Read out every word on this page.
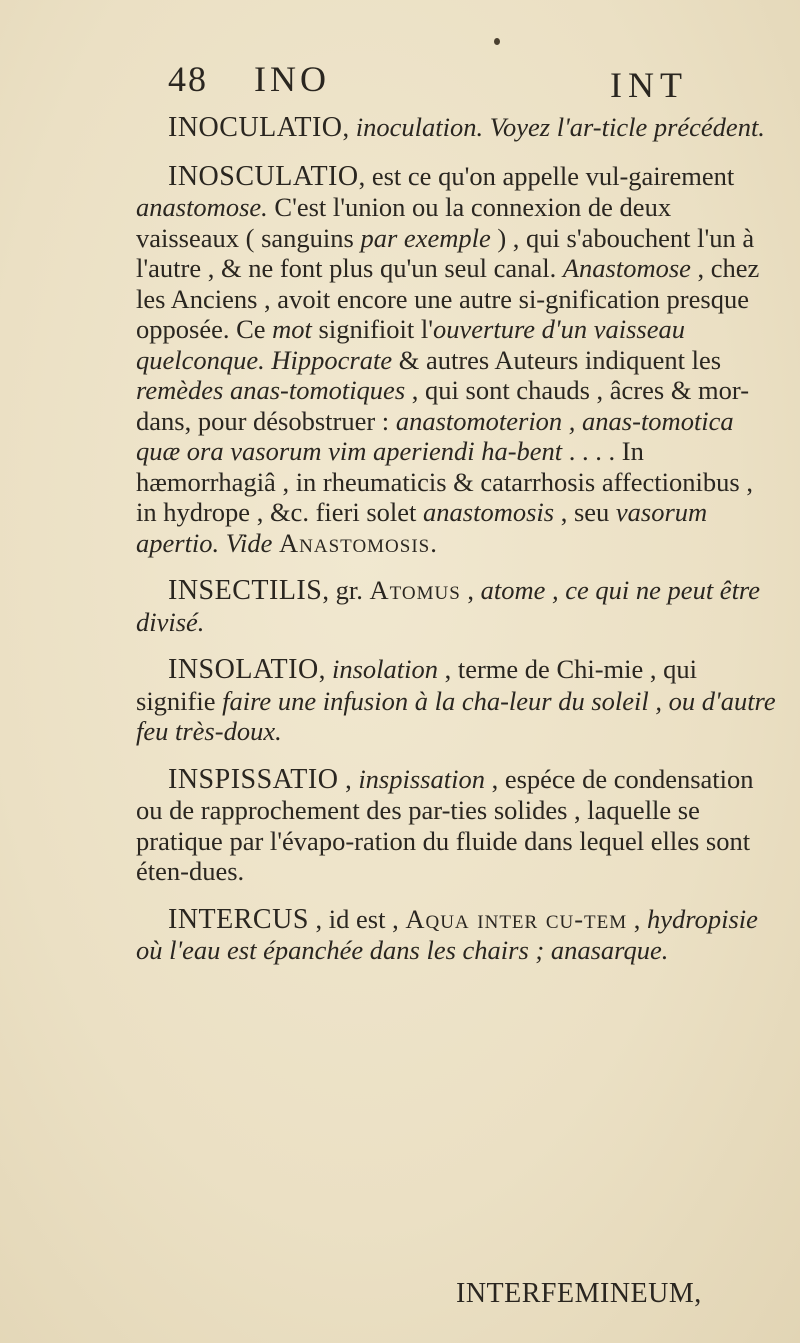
48 INO	INT

INOCULATIO, inoculation. Voyez l'ar-ticle précédent.

INOSCULATIO, est ce qu'on appelle vul-gairement anastomose. C'est l'union ou la connexion de deux vaisseaux ( sanguins par exemple ) , qui s'abouchent l'un à l'autre , & ne font plus qu'un seul canal. Anastomose , chez les Anciens , avoit encore une autre si-gnification presque opposée. Ce mot signifioit l'ouverture d'un vaisseau quelconque. Hippocrate & autres Auteurs indiquent les remèdes anas-tomotiques , qui sont chauds , âcres & mor-dans, pour désobstruer : anastomoterion , anas-tomotica quæ ora vasorum vim aperiendi ha-bent . . . . In hæmorrhagiâ , in rheumaticis & catarrhosis affectionibus , in hydrope , &c. fieri solet anastomosis , seu vasorum apertio. Vide Anastomosis.

INSECTILIS, gr. Atomus , atome , ce qui ne peut être divisé.

INSOLATIO, insolation , terme de Chi-mie , qui signifie faire une infusion à la cha-leur du soleil , ou d'autre feu très-doux.

INSPISSATIO , inspissation , espéce de condensation ou de rapprochement des par-ties solides , laquelle se pratique par l'évapo-ration du fluide dans lequel elles sont éten-dues.

INTERCUS , id est , Aqua inter cu-tem , hydropisie où l'eau est épanchée dans les chairs ; anasarque.

INTERFEMINEUM,
